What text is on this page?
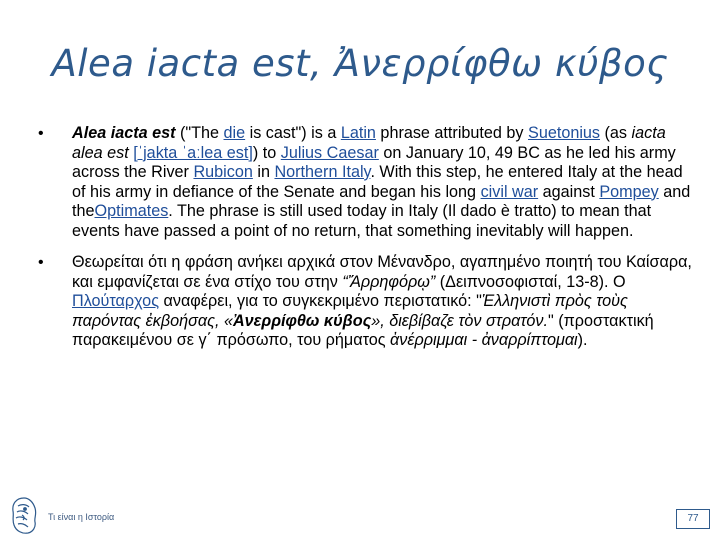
Alea iacta est, Ἀνερρίφθω κύβος
• Alea iacta est ("The die is cast") is a Latin phrase attributed by Suetonius (as iacta alea est [ˈjakta ˈaːlea est]) to Julius Caesar on January 10, 49 BC as he led his army across the River Rubicon in Northern Italy. With this step, he entered Italy at the head of his army in defiance of the Senate and began his long civil war against Pompey and theOptimates. The phrase is still used today in Italy (Il dado è tratto) to mean that events have passed a point of no return, that something inevitably will happen.

• Θεωρείται ότι η φράση ανήκει αρχικά στον Μένανδρο, αγαπημένο ποιητή του Καίσαρα, και εμφανίζεται σε ένα στίχο του στην “Ἄρρηφόρῳ” (Δειπνοσοφισταί, 13-8). Ο Πλούταρχος αναφέρει, για το συγκεκριμένο περιστατικό: "Ἑλληνιστὶ πρὸς τοὺς παρόντας ἐκβοήσας, «Ἀνερρίφθω κύβος», διεβίβαζε τὸν στρατόν." (προστακτική παρακειμένου σε γ΄ πρόσωπο, του ρήματος ἀνέρριμμαι - ἀναρρίπτομαι).

Τι είναι η Ιστορία	77
